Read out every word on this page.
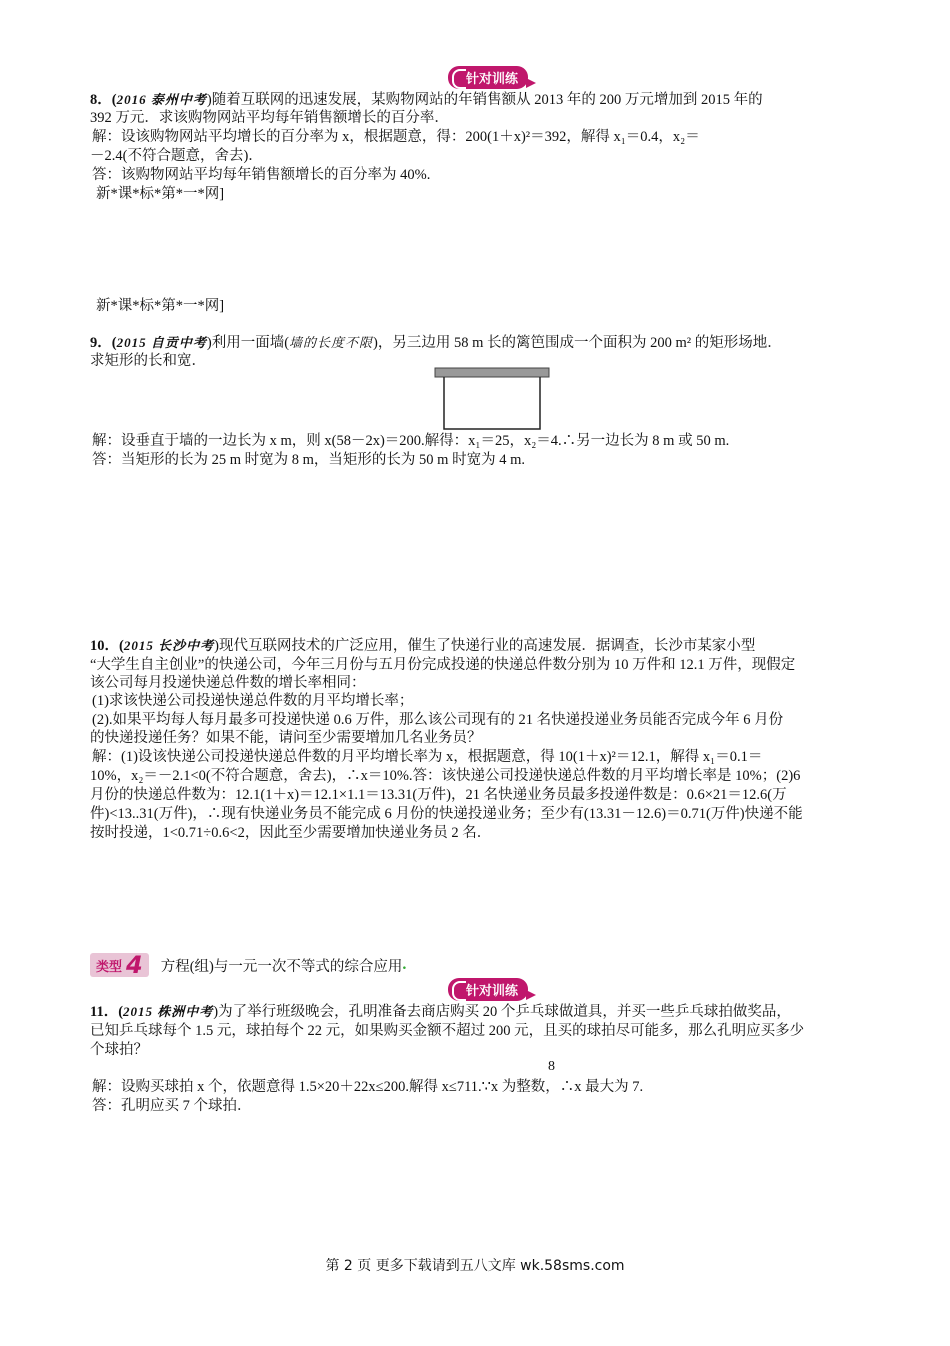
针对训练
8．(2016 泰州中考)随着互联网的迅速发展，某购物网站的年销售额从 2013 年的 200 万元增加到 2015 年的
392 万元．求该购物网站平均每年销售额增长的百分率．
解：设该购物网站平均增长的百分率为 x，根据题意，得：200(1＋x)²＝392，解得 x₁＝0.4，x₂＝
－2.4(不符合题意，舍去)．
答：该购物网站平均每年销售额增长的百分率为 40%.
新*课*标*第*一*网]
新*课*标*第*一*网]
9．(2015 自贡中考)利用一面墙(墙的长度不限)，另三边用 58 m 长的篱笆围成一个面积为 200 m² 的矩形场地．
求矩形的长和宽．
解：设垂直于墙的一边长为 x m，则 x(58－2x)＝200.解得：x₁＝25，x₂＝4.∴另一边长为 8 m 或 50 m.
答：当矩形的长为 25 m 时宽为 8 m，当矩形的长为 50 m 时宽为 4 m.
10．(2015 长沙中考)现代互联网技术的广泛应用，催生了快递行业的高速发展．据调查，长沙市某家小型
“大学生自主创业”的快递公司，今年三月份与五月份完成投递的快递总件数分别为 10 万件和 12.1 万件，现假定
该公司每月投递快递总件数的增长率相同：
(1)求该快递公司投递快递总件数的月平均增长率；
(2).如果平均每人每月最多可投递快递 0.6 万件，那么该公司现有的 21 名快递投递业务员能否完成今年 6 月份
的快递投递任务？如果不能，请问至少需要增加几名业务员？
解：(1)设该快递公司投递快递总件数的月平均增长率为 x，根据题意，得 10(1＋x)²＝12.1，解得 x₁＝0.1＝
10%，x₂＝－2.1<0(不符合题意，舍去)，∴x＝10%.答：该快递公司投递快递总件数的月平均增长率是 10%；(2)6
月份的快递总件数为：12.1(1＋x)＝12.1×1.1＝13.31(万件)，21 名快递业务员最多投递件数是：0.6×21＝12.6(万
件)<13..31(万件)，∴现有快递业务员不能完成 6 月份的快递投递业务；至少有(13.31－12.6)＝0.71(万件)快递不能
按时投递，1<0.71÷0.6<2，因此至少需要增加快递业务员 2 名．
类型 4 方程(组)与一元一次不等式的综合应用 .
针对训练
11．(2015 株洲中考)为了举行班级晚会，孔明准备去商店购买 20 个乒乓球做道具，并买一些乒乓球拍做奖品，
已知乒乓球每个 1.5 元，球拍每个 22 元，如果购买金额不超过 200 元，且买的球拍尽可能多，那么孔明应买多少
个球拍？
8
解：设购买球拍 x 个，依题意得 1.5×20＋22x≤200.解得 x≤711.∵x 为整数，∴x 最大为 7.
答：孔明应买 7 个球拍．
第 2 页 更多下载请到五八文库 wk.58sms.com
